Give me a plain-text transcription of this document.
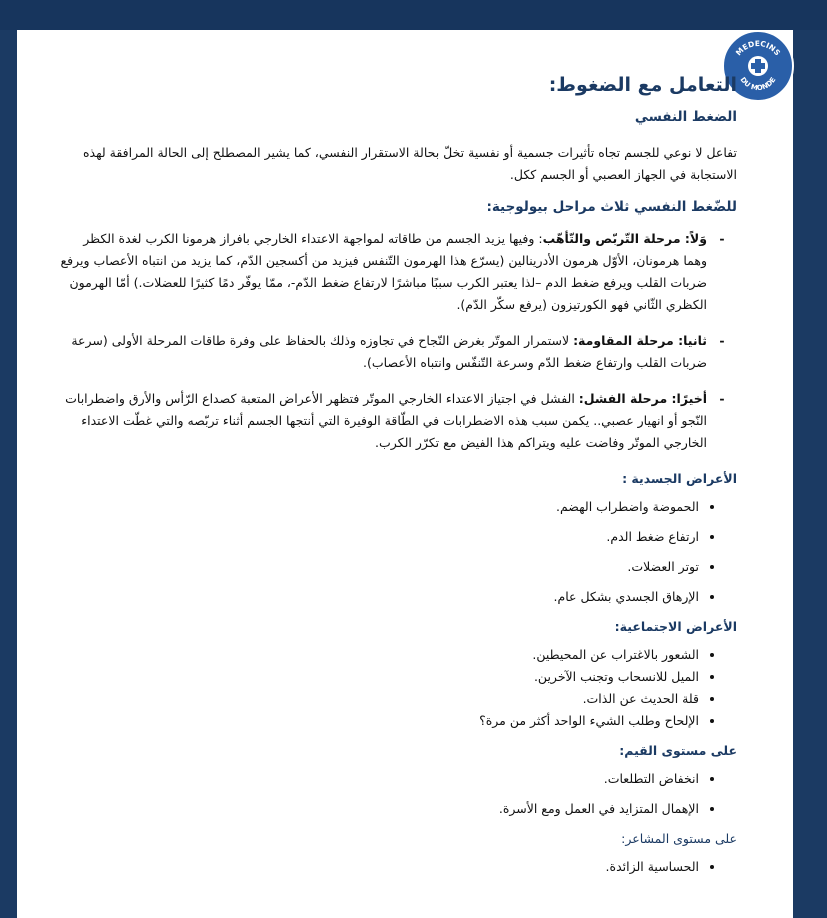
MEDECINS
DU MONDE
التعامل مع الضغوط:
الضغط النفسي
تفاعل لا نوعي للجسم تجاه تأثيرات جسمية أو نفسية تخلّ بحالة الاستقرار النفسي، كما يشير المصطلح إلى الحالة المرافقة لهذه الاستجابة في الجهاز العصبي أو الجسم ككل.
للضّغط النفسي ثلاث مراحل بيولوجية:
-
وَلاً: مرحلة التّربّص والتّأهّب: وفيها يزيد الجسم من طاقاته لمواجهة الاعتداء الخارجي بافراز هرمونا الكرب لغدة الكظر وهما هرمونان، الأوّل هرمون الأدرينالين (يسرّع هذا الهرمون التّنفس فيزيد من أكسجين الدّم، كما يزيد من انتباه الأعصاب ويرفع ضربات القلب ويرفع ضغط الدم –لذا يعتبر الكرب سببًا مباشرًا لارتفاع ضغط الدّم-، ممّا يوفّر دمًا كثيرًا للعضلات.) أمّا الهرمون الكظري الثّاني فهو الكورتيزون (يرفع سكّر الدّم).
-
ثانيا: مرحلة المقاومة: لاستمرار الموتّر بغرض النّجاح في تجاوزه وذلك بالحفاظ على وفرة طاقات المرحلة الأولى (سرعة ضربات القلب وارتفاع ضغط الدّم وسرعة التّنفّس وانتباه الأعصاب).
-
أخيرًا: مرحلة الفشل: الفشل في اجتياز الاعتداء الخارجي الموتّر فتظهر الأعراض المتعبة كصداع الرّأس والأرق واضطرابات النّجو أو انهيار عصبي.. يكمن سبب هذه الاضطرابات في الطّاقة الوفيرة التي أنتجها الجسم أثناء تربّصه والتي غطّت الاعتداء الخارجي الموتّر وفاضت عليه ويتراكم هذا الفيض مع تكرّر الكرب.
الأعراض الجسدية :
• الحموضة واضطراب الهضم.
• ارتفاع ضغط الدم.
• توتر العضلات.
• الإرهاق الجسدي بشكل عام.
الأعراض الاجتماعية:
• الشعور بالاغتراب عن المحيطين.
• الميل للانسحاب وتجنب الآخرين.
• قلة الحديث عن الذات.
• الإلحاح وطلب الشيء الواحد أكثر من مرة؟
على مستوى القيم:
• انخفاض التطلعات.
• الإهمال المتزايد في العمل ومع الأسرة.
على مستوى المشاعر:
• الحساسية الزائدة.
